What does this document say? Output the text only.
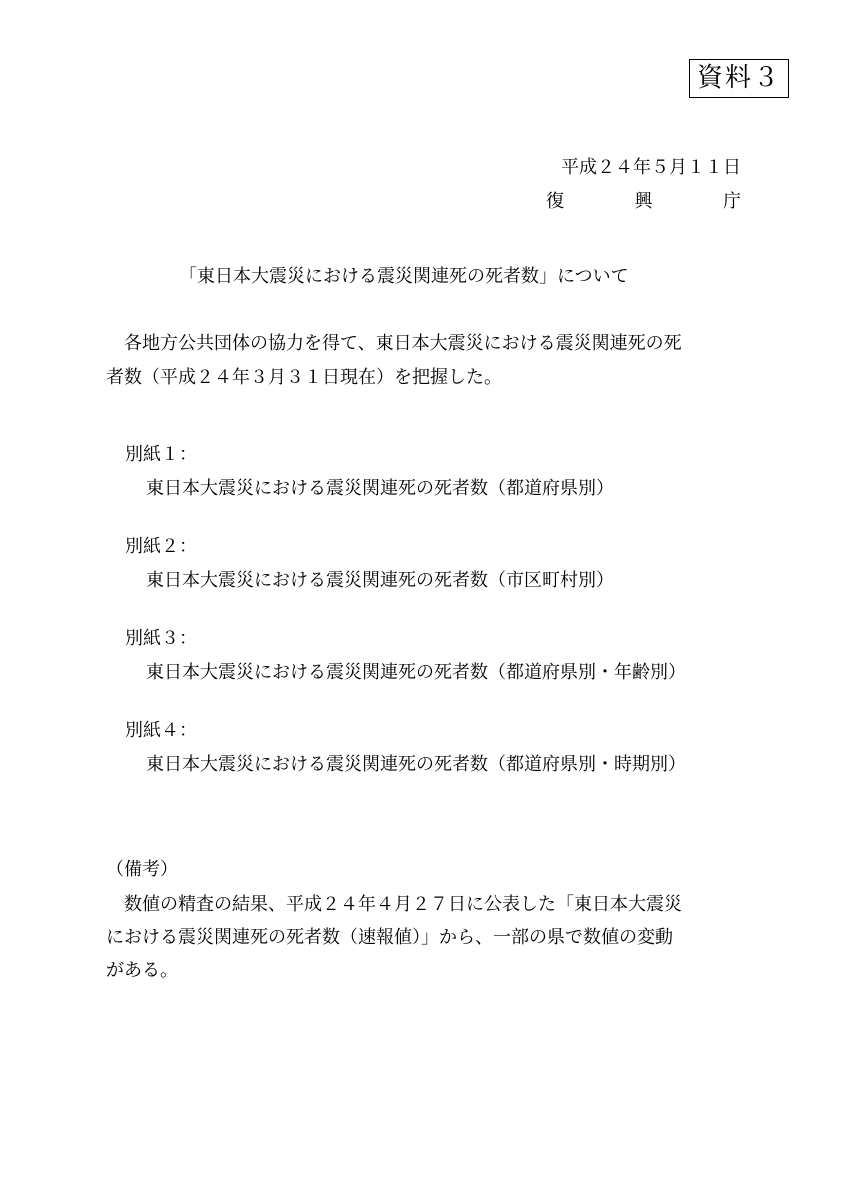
資料３
平成２４年５月１１日
復	興	庁
「東日本大震災における震災関連死の死者数」について

　各地方公共団体の協力を得て、東日本大震災における震災関連死の死

者数（平成２４年３月３１日現在）を把握した。

別紙１：
東日本大震災における震災関連死の死者数（都道府県別）
別紙２：
東日本大震災における震災関連死の死者数（市区町村別）
別紙３：
東日本大震災における震災関連死の死者数（都道府県別・年齢別）
別紙４：
東日本大震災における震災関連死の死者数（都道府県別・時期別）
（備考）

　数値の精査の結果、平成２４年４月２７日に公表した「東日本大震災

における震災関連死の死者数（速報値）」から、一部の県で数値の変動

がある。
